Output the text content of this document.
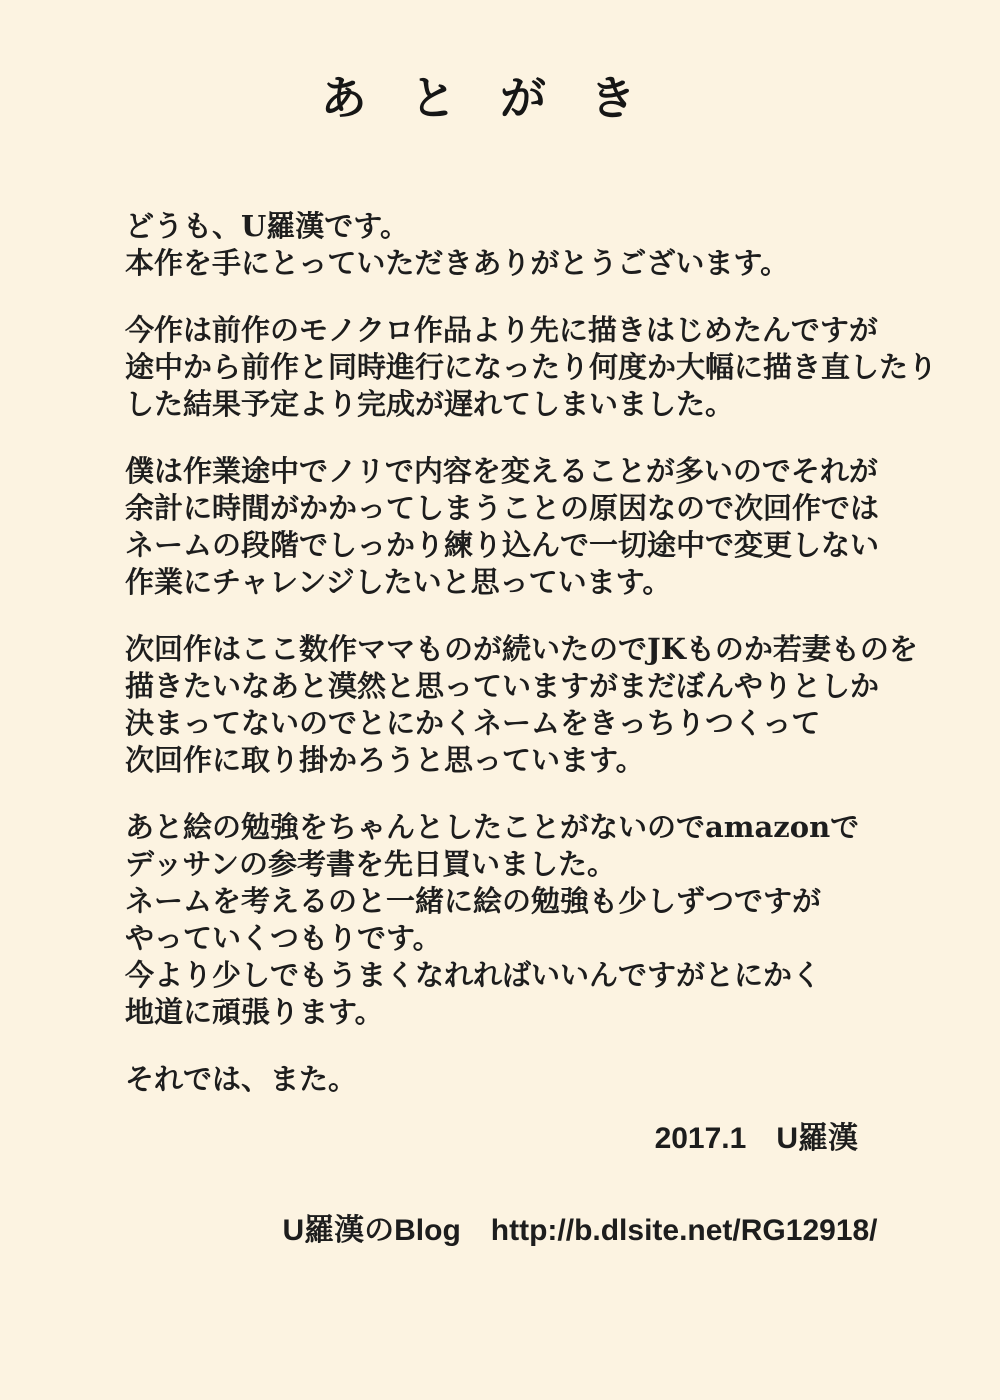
あとがき

どうも、U羅漢です。
本作を手にとっていただきありがとうございます。

今作は前作のモノクロ作品より先に描きはじめたんですが
途中から前作と同時進行になったり何度か大幅に描き直したり
した結果予定より完成が遅れてしまいました。

僕は作業途中でノリで内容を変えることが多いのでそれが
余計に時間がかかってしまうことの原因なので次回作では
ネームの段階でしっかり練り込んで一切途中で変更しない
作業にチャレンジしたいと思っています。

次回作はここ数作ママものが続いたのでJKものか若妻ものを
描きたいなあと漠然と思っていますがまだぼんやりとしか
決まってないのでとにかくネームをきっちりつくって
次回作に取り掛かろうと思っています。

あと絵の勉強をちゃんとしたことがないのでamazonで
デッサンの参考書を先日買いました。
ネームを考えるのと一緒に絵の勉強も少しずつですが
やっていくつもりです。
今より少しでもうまくなれればいいんですがとにかく
地道に頑張ります。

それでは、また。

2017.1　U羅漢
U羅漢のBlog　http://b.dlsite.net/RG12918/
